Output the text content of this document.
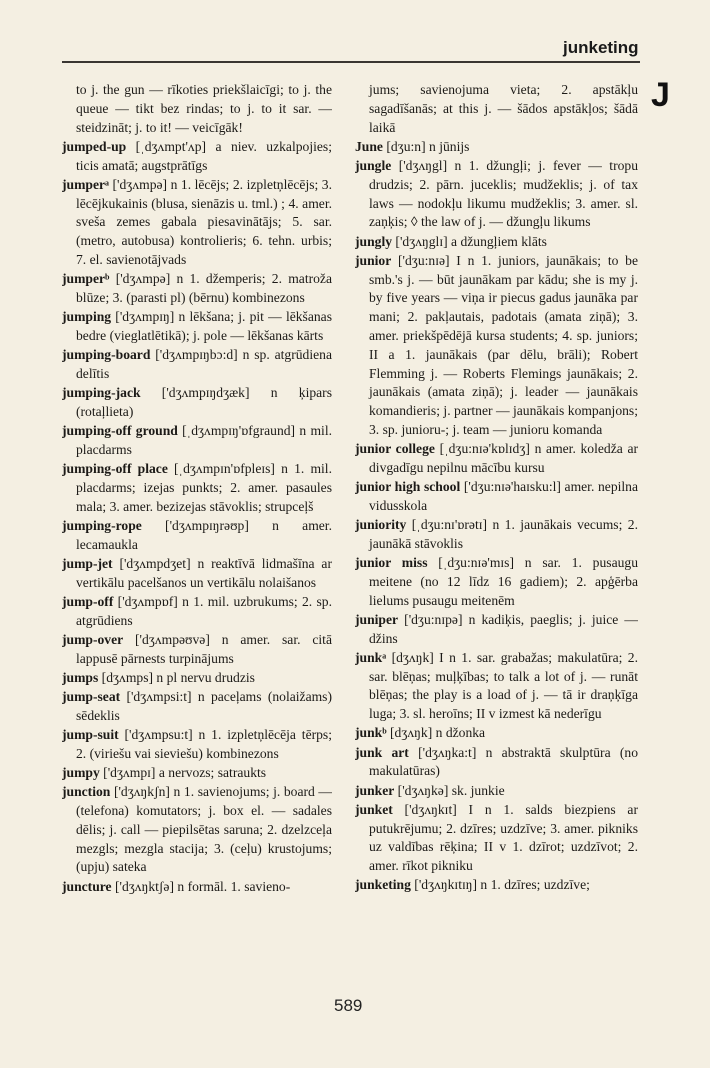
junketing
J

to j. the gun — rīkoties priekšlaicīgi; to j. the queue — tikt bez rindas; to j. to it sar. — steidzināt; j. to it! — veicīgāk!

jumped-up [ˌdʒʌmpt'ʌp] a niev. uzkalpojies; ticis amatā; augstprātīgs

jumperᵃ ['dʒʌmpə] n 1. lēcējs; 2. izpletņlēcējs; 3. lēcējkukainis (blusa, sienāzis u. tml.) ; 4. amer. sveša zemes gabala piesavinātājs; 5. sar. (metro, autobusa) kontrolieris; 6. tehn. urbis; 7. el. savienotājvads

jumperᵇ ['dʒʌmpə] n 1. džemperis; 2. matroža blūze; 3. (parasti pl) (bērnu) kombinezons

jumping ['dʒʌmpɪŋ] n lēkšana; j. pit — lēkšanas bedre (vieglatlētikā); j. pole — lēkšanas kārts

jumping-board ['dʒʌmpɪŋbɔ:d] n sp. atgrūdiena delītis

jumping-jack ['dʒʌmpɪŋdʒæk] n ķipars (rotaļlieta)

jumping-off ground [ˌdʒʌmpɪŋ'ɒfgraund] n mil. placdarms

jumping-off place [ˌdʒʌmpɪn'ɒfpleɪs] n 1. mil. placdarms; izejas punkts; 2. amer. pasaules mala; 3. amer. bezizejas stāvoklis; strupceļš

jumping-rope ['dʒʌmpɪŋrəʊp] n amer. lecamaukla

jump-jet ['dʒʌmpdʒet] n reaktīvā lidmašīna ar vertikālu pacelšanos un vertikālu nolaišanos

jump-off ['dʒʌmpɒf] n 1. mil. uzbrukums; 2. sp. atgrūdiens

jump-over ['dʒʌmpəʊvə] n amer. sar. citā lappusē pārnests turpinājums

jumps [dʒʌmps] n pl nervu drudzis

jump-seat ['dʒʌmpsi:t] n paceļams (nolaižams) sēdeklis

jump-suit ['dʒʌmpsu:t] n 1. izpletņlēcēja tērps; 2. (viriešu vai sieviešu) kombinezons

jumpy ['dʒʌmpɪ] a nervozs; satraukts

junction ['dʒʌŋkʃn] n 1. savienojums; j. board — (telefona) komutators; j. box el. — sadales dēlis; j. call — piepilsētas saruna; 2. dzelzceļa mezgls; mezgla stacija; 3. (ceļu) krustojums; (upju) sateka

juncture ['dʒʌŋktʃə] n formāl. 1. savieno-

jums; savienojuma vieta; 2. apstākļu sagadīšanās; at this j. — šādos apstākļos; šādā laikā

June [dʒu:n] n jūnijs

jungle ['dʒʌŋgl] n 1. džungļi; j. fever — tropu drudzis; 2. pārn. juceklis; mudžeklis; j. of tax laws — nodokļu likumu mudžeklis; 3. amer. sl. zaņķis; ◊ the law of j. — džungļu likums

jungly ['dʒʌŋglɪ] a džungļiem klāts

junior ['dʒu:nɪə] I n 1. juniors, jaunākais; to be smb.'s j. — būt jaunākam par kādu; she is my j. by five years — viņa ir piecus gadus jaunāka par mani; 2. pakļautais, padotais (amata ziņā); 3. amer. priekšpēdējā kursa students; 4. sp. juniors; II a 1. jaunākais (par dēlu, brāli); Robert Flemming j. — Roberts Flemings jaunākais; 2. jaunākais (amata ziņā); j. leader — jaunākais komandieris; j. partner — jaunākais kompanjons; 3. sp. junioru-; j. team — junioru komanda

junior college [ˌdʒu:nɪə'kɒlɪdʒ] n amer. koledža ar divgadīgu nepilnu mācību kursu

junior high school ['dʒu:nɪə'haɪsku:l] amer. nepilna vidusskola

juniority [ˌdʒu:nɪ'ɒrətɪ] n 1. jaunākais vecums; 2. jaunākā stāvoklis

junior miss [ˌdʒu:nɪə'mɪs] n sar. 1. pusaugu meitene (no 12 līdz 16 gadiem); 2. apģērba lielums pusaugu meitenēm

juniper ['dʒu:nɪpə] n kadiķis, paeglis; j. juice — džins

junkᵃ [dʒʌŋk] I n 1. sar. grabažas; makulatūra; 2. sar. blēņas; muļķības; to talk a lot of j. — runāt blēņas; the play is a load of j. — tā ir draņķīga luga; 3. sl. heroīns; II v izmest kā nederīgu

junkᵇ [dʒʌŋk] n džonka

junk art ['dʒʌŋka:t] n abstraktā skulptūra (no makulatūras)

junker ['dʒʌŋkə] sk. junkie

junket ['dʒʌŋkɪt] I n 1. salds biezpiens ar putukrējumu; 2. dzīres; uzdzīve; 3. amer. pikniks uz valdības rēķina; II v 1. dzīrot; uzdzīvot; 2. amer. rīkot pikniku

junketing ['dʒʌŋkɪtɪŋ] n 1. dzīres; uzdzīve;

589
